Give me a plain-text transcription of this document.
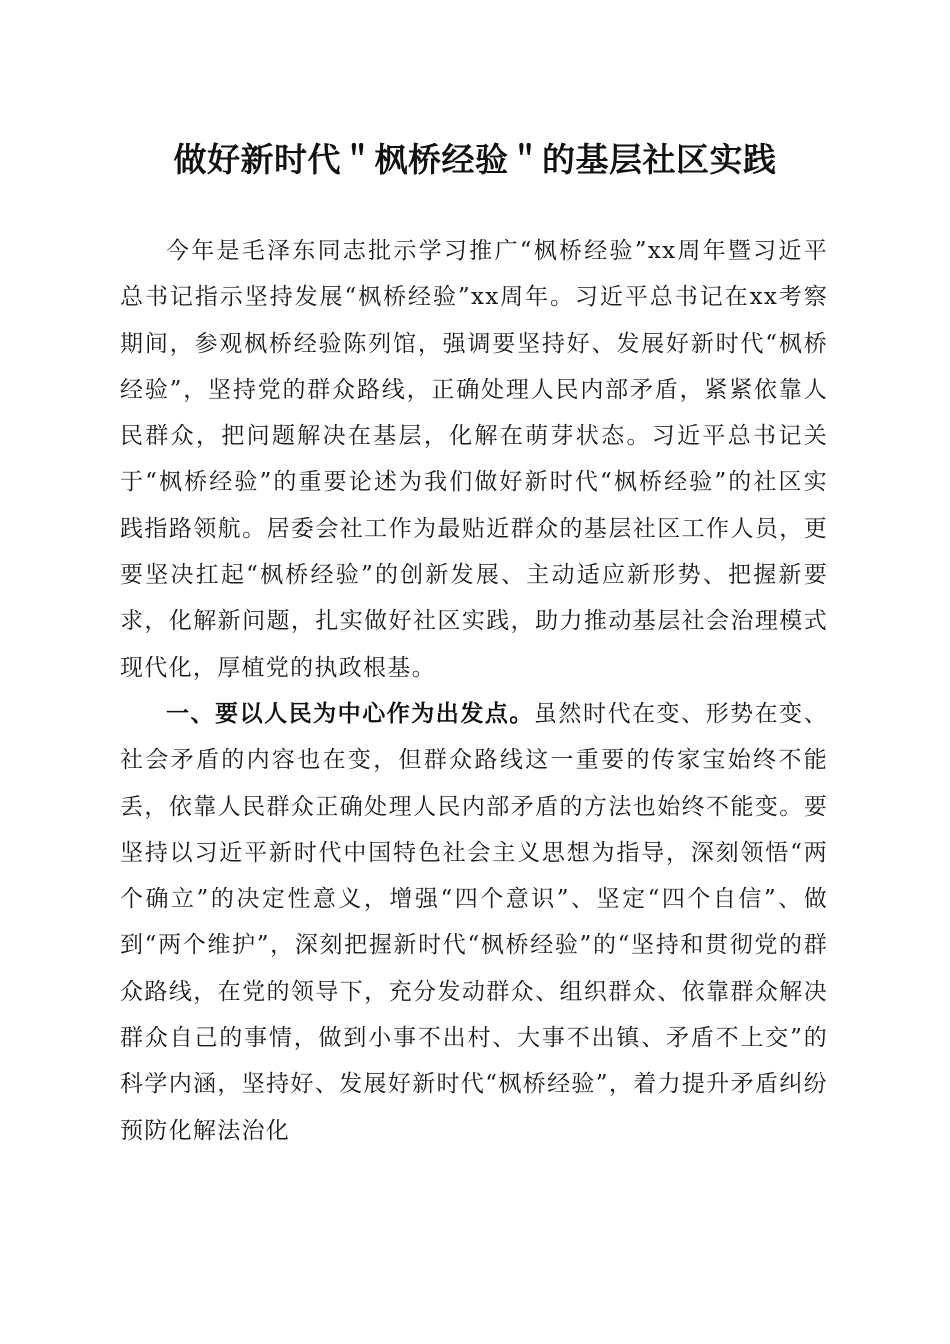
做好新时代＂枫桥经验＂的基层社区实践

今年是毛泽东同志批示学习推广“枫桥经验”xx周年暨习近平总书记指示坚持发展“枫桥经验”xx周年。习近平总书记在xx考察期间，参观枫桥经验陈列馆，强调要坚持好、发展好新时代“枫桥经验”，坚持党的群众路线，正确处理人民内部矛盾，紧紧依靠人民群众，把问题解决在基层，化解在萌芽状态。习近平总书记关于“枫桥经验”的重要论述为我们做好新时代“枫桥经验”的社区实践指路领航。居委会社工作为最贴近群众的基层社区工作人员，更要坚决扛起“枫桥经验”的创新发展、主动适应新形势、把握新要求，化解新问题，扎实做好社区实践，助力推动基层社会治理模式现代化，厚植党的执政根基。

一、要以人民为中心作为出发点。虽然时代在变、形势在变、社会矛盾的内容也在变，但群众路线这一重要的传家宝始终不能丢，依靠人民群众正确处理人民内部矛盾的方法也始终不能变。要坚持以习近平新时代中国特色社会主义思想为指导，深刻领悟“两个确立”的决定性意义，增强“四个意识”、坚定“四个自信”、做到“两个维护”，深刻把握新时代“枫桥经验”的“坚持和贯彻党的群众路线，在党的领导下，充分发动群众、组织群众、依靠群众解决群众自己的事情，做到小事不出村、大事不出镇、矛盾不上交”的科学内涵，坚持好、发展好新时代“枫桥经验”，着力提升矛盾纠纷预防化解法治化
